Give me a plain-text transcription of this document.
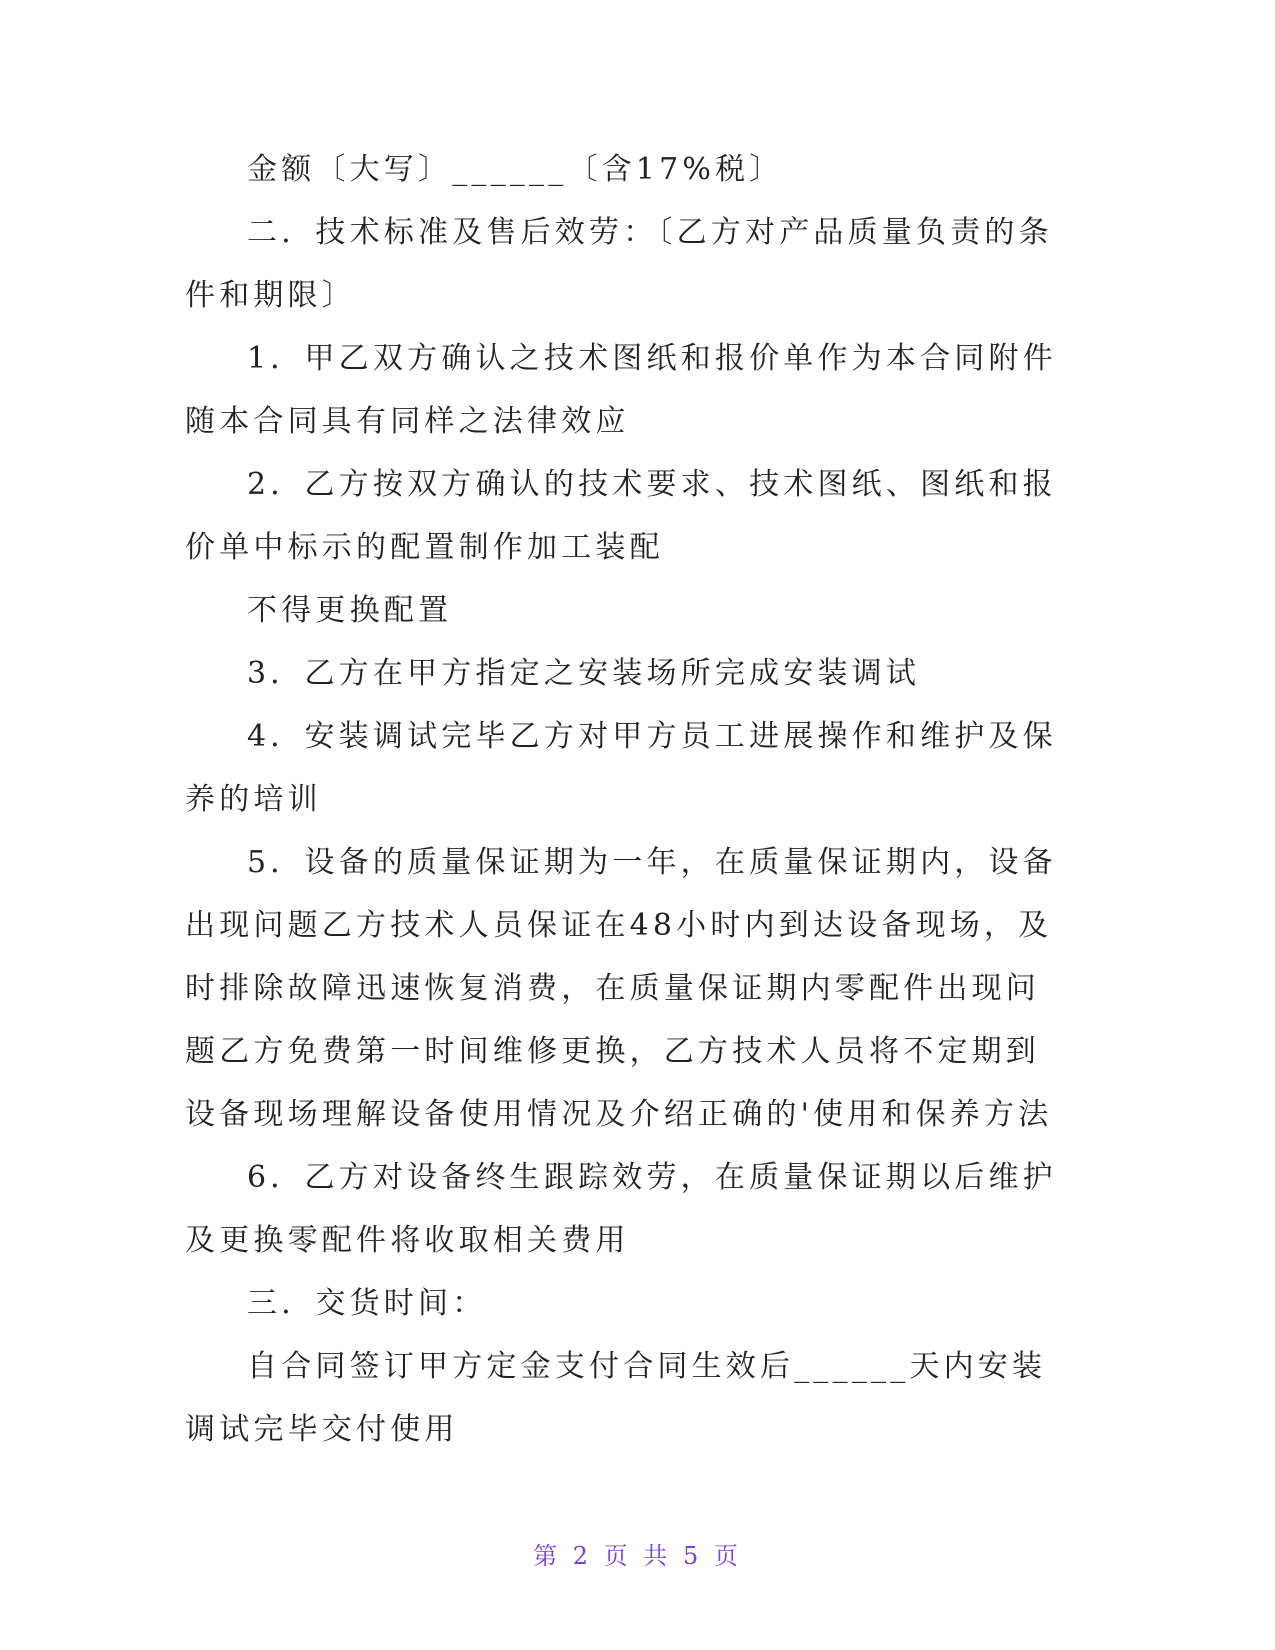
金额〔大写〕______〔含17%税〕

二．技术标准及售后效劳：〔乙方对产品质量负责的条件和期限〕

1．甲乙双方确认之技术图纸和报价单作为本合同附件随本合同具有同样之法律效应

2．乙方按双方确认的技术要求、技术图纸、图纸和报价单中标示的配置制作加工装配

不得更换配置

3．乙方在甲方指定之安装场所完成安装调试

4．安装调试完毕乙方对甲方员工进展操作和维护及保养的培训

5．设备的质量保证期为一年，在质量保证期内，设备出现问题乙方技术人员保证在48小时内到达设备现场，及时排除故障迅速恢复消费，在质量保证期内零配件出现问题乙方免费第一时间维修更换，乙方技术人员将不定期到设备现场理解设备使用情况及介绍正确的'使用和保养方法

6．乙方对设备终生跟踪效劳，在质量保证期以后维护及更换零配件将收取相关费用

三．交货时间：

自合同签订甲方定金支付合同生效后______天内安装调试完毕交付使用

第 2 页 共 5 页
